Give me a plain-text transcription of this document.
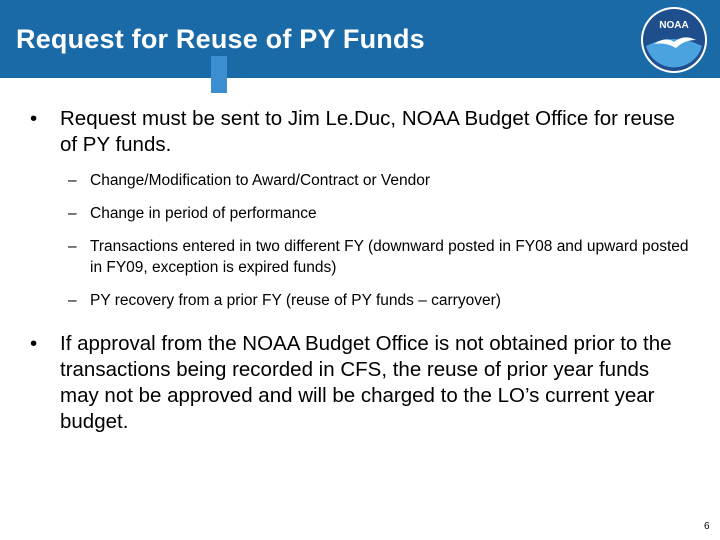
Request for Reuse of PY Funds	NOAA
•	Request must be sent to Jim Le.Duc, NOAA Budget Office for reuse of PY funds.
– Change/Modification to Award/Contract or Vendor
– Change in period of performance
– Transactions entered in two different FY (downward posted in FY08 and upward posted in FY09, exception is expired funds)
– PY recovery from a prior FY (reuse of PY funds – carryover)
•	If approval from the NOAA Budget Office is not obtained prior to the transactions being recorded in CFS, the reuse of prior year funds may not be approved and will be charged to the LO’s current year budget.
6
